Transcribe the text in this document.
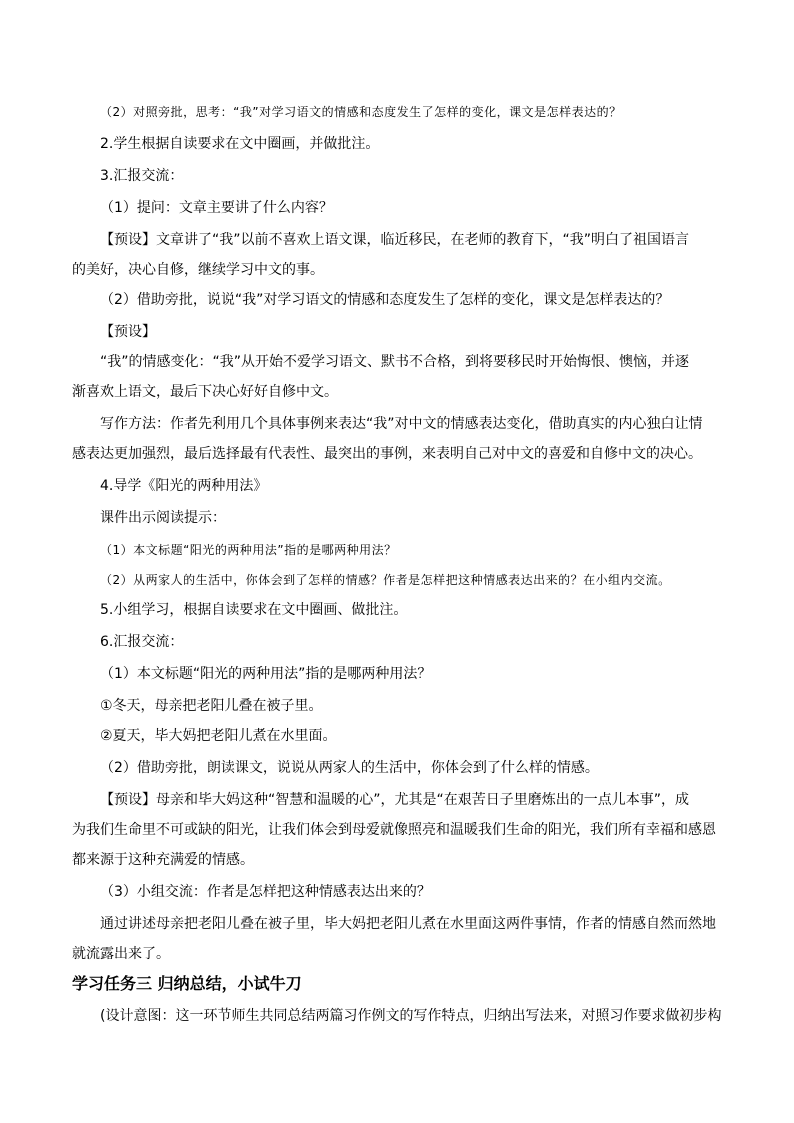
（2）对照旁批，思考：“我”对学习语文的情感和态度发生了怎样的变化，课文是怎样表达的？
2.学生根据自读要求在文中圈画，并做批注。
3.汇报交流：
（1）提问：文章主要讲了什么内容？
【预设】文章讲了“我”以前不喜欢上语文课，临近移民，在老师的教育下，“我”明白了祖国语言
的美好，决心自修，继续学习中文的事。
（2）借助旁批，说说“我”对学习语文的情感和态度发生了怎样的变化，课文是怎样表达的？
【预设】
“我”的情感变化：“我”从开始不爱学习语文、默书不合格，到将要移民时开始悔恨、懊恼，并逐
渐喜欢上语文，最后下决心好好自修中文。
写作方法：作者先利用几个具体事例来表达“我”对中文的情感表达变化，借助真实的内心独白让情
感表达更加强烈，最后选择最有代表性、最突出的事例，来表明自己对中文的喜爱和自修中文的决心。
4.导学《阳光的两种用法》
课件出示阅读提示：
（1）本文标题“阳光的两种用法”指的是哪两种用法？
（2）从两家人的生活中，你体会到了怎样的情感？作者是怎样把这种情感表达出来的？在小组内交流。
5.小组学习，根据自读要求在文中圈画、做批注。
6.汇报交流：
（1）本文标题“阳光的两种用法”指的是哪两种用法？
①冬天，母亲把老阳儿叠在被子里。
②夏天，毕大妈把老阳儿煮在水里面。
（2）借助旁批，朗读课文，说说从两家人的生活中，你体会到了什么样的情感。
【预设】母亲和毕大妈这种“智慧和温暖的心”，尤其是“在艰苦日子里磨炼出的一点儿本事”，成
为我们生命里不可或缺的阳光，让我们体会到母爱就像照亮和温暖我们生命的阳光，我们所有幸福和感恩
都来源于这种充满爱的情感。
（3）小组交流：作者是怎样把这种情感表达出来的？
通过讲述母亲把老阳儿叠在被子里，毕大妈把老阳儿煮在水里面这两件事情，作者的情感自然而然地
就流露出来了。
学习任务三 归纳总结，小试牛刀
(设计意图：这一环节师生共同总结两篇习作例文的写作特点，归纳出写法来，对照习作要求做初步构
